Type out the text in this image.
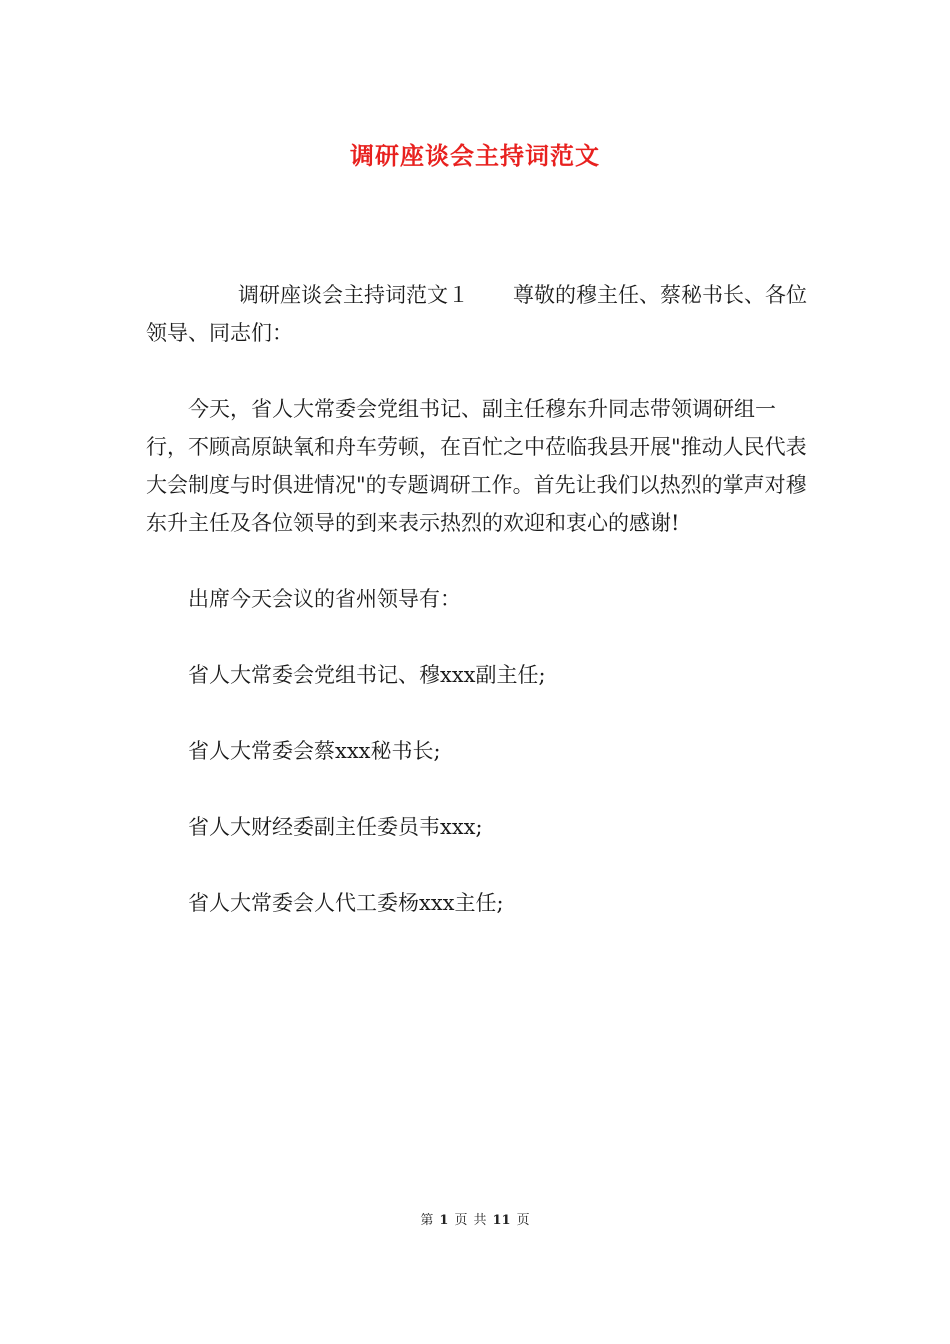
调研座谈会主持词范文
调研座谈会主持词范文１ 尊敬的穆主任、蔡秘书长、各位领导、同志们：
今天，省人大常委会党组书记、副主任穆东升同志带领调研组一行，不顾高原缺氧和舟车劳顿，在百忙之中莅临我县开展"推动人民代表大会制度与时俱进情况"的专题调研工作。首先让我们以热烈的掌声对穆东升主任及各位领导的到来表示热烈的欢迎和衷心的感谢!
出席今天会议的省州领导有：
省人大常委会党组书记、穆xxx副主任;
省人大常委会蔡xxx秘书长;
省人大财经委副主任委员韦xxx;
省人大常委会人代工委杨xxx主任;
第 1 页 共 11 页
